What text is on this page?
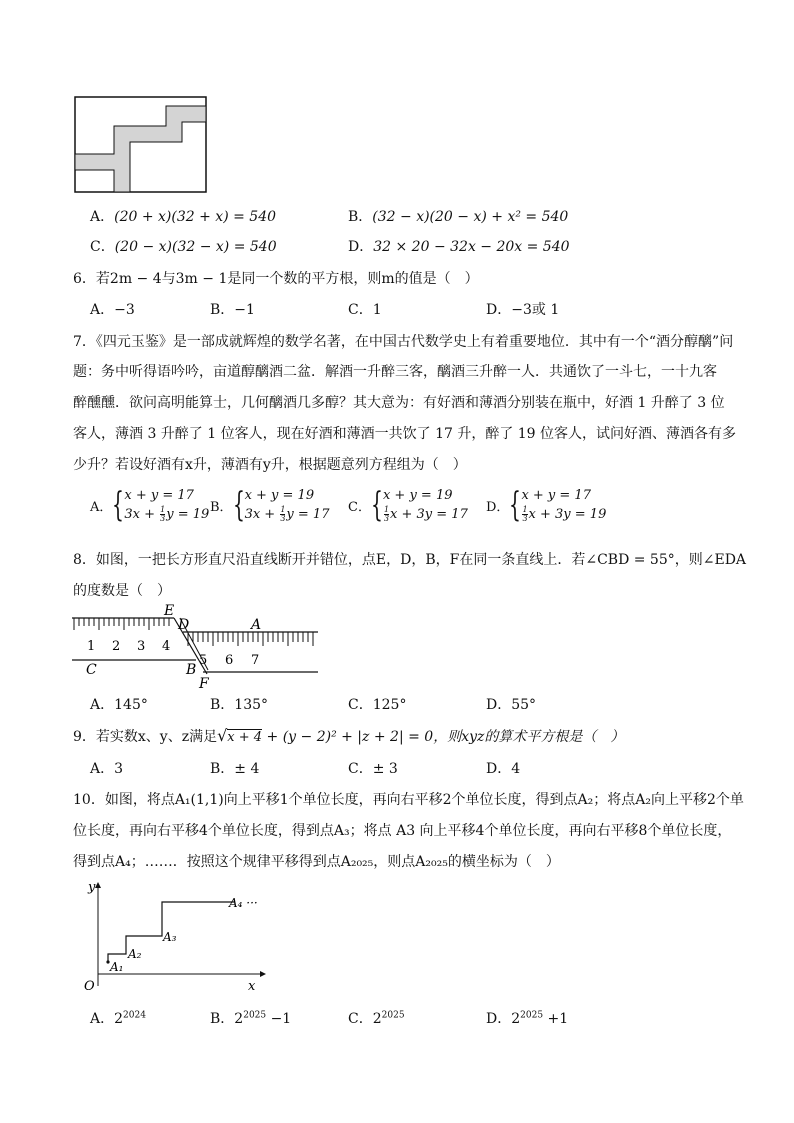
A．(20 + x)(32 + x) = 540	B．(32 − x)(20 − x) + x² = 540
C．(20 − x)(32 − x) = 540	D．32 × 20 − 32x − 20x = 540
6．若2m − 4与3m − 1是同一个数的平方根，则m的值是（　）
A．−3	B．−1	C．1	D．−3或 1
7．《四元玉鉴》是一部成就辉煌的数学名著，在中国古代数学史上有着重要地位．其中有一个“酒分醇醨”问
题：务中听得语吟吟，亩道醇醨酒二盆．解酒一升醉三客，醨酒三升醉一人．共通饮了一斗七，一十九客
醉醺醺．欲问高明能算士，几何醨酒几多醇？其大意为：有好酒和薄酒分别装在瓶中，好酒 1 升醉了 3 位
客人，薄酒 3 升醉了 1 位客人，现在好酒和薄酒一共饮了 17 升，醉了 19 位客人，试问好酒、薄酒各有多
少升？若设好酒有x升，薄酒有y升，根据题意列方程组为（　）
A． { x + y = 17
$3x + \frac{1}{3}$ y = 19 B． { x + y = 19
$3x + \frac{1}{3}$ y = 17 C． { x + y = 19
$\frac{1}{3}$ x + 3y = 17 D． { x + y = 17
$\frac{1}{3}$ x + 3y = 19
8．如图，一把长方形直尺沿直线断开并错位，点E，D，B，F在同一条直线上．若∠CBD = 55°，则∠EDA
的度数是（　）
1 2 3 4
5 6 7
E
D	A
C	B
F
A．145°	B．135°	C．125°	D．55°
9．若实数x、y、z满足√x + 4 + (y − 2)² + |z + 2| = 0，则xyz的算术平方根是（　）
A．3	B．± 4	C．± 3	D．4
10．如图，将点A₁(1,1)向上平移1个单位长度，再向右平移2个单位长度，得到点A₂；将点A₂向上平移2个单
位长度，再向右平移4个单位长度，得到点A₃；将点 A3 向上平移4个单位长度，再向右平移8个单位长度，
得到点A₄；……．按照这个规律平移得到点A₂₀₂₅，则点A₂₀₂₅的横坐标为（　）
y
x
O
A₁
A₂
A₃
A₄ ···
A．$2^{2024}$	B．$2^{2025} -1$	C．$2^{2025}$	D．$2^{2025} +1$
